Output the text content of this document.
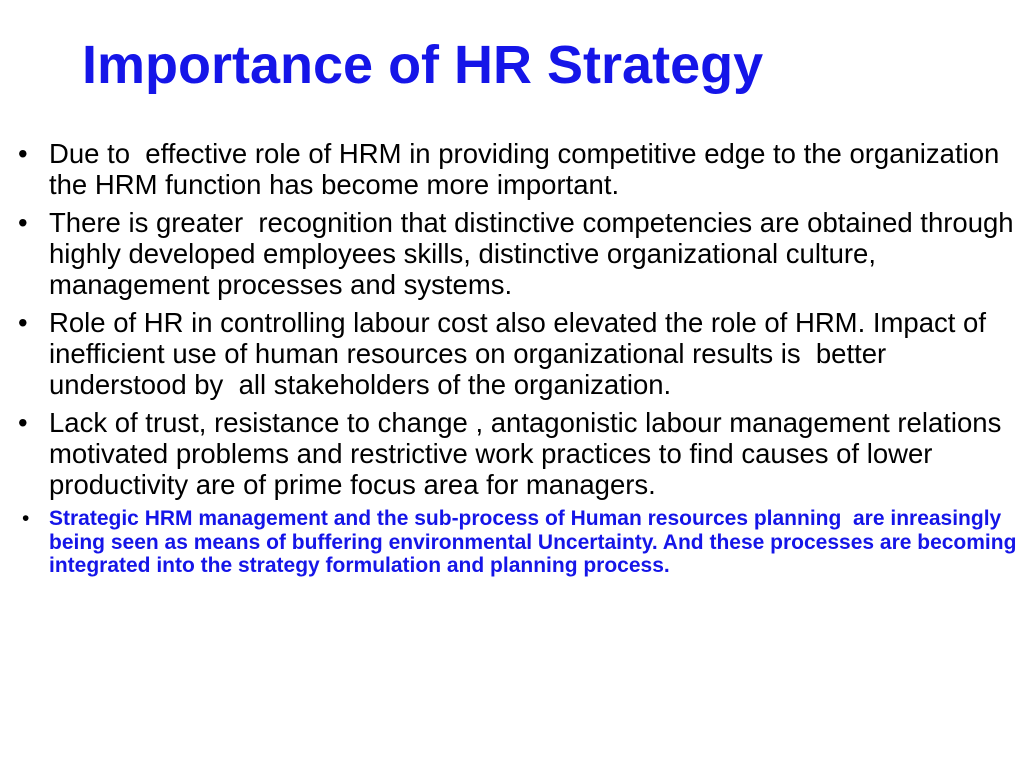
Importance of HR Strategy
• Due to  effective role of HRM in providing competitive edge to the organization the HRM function has become more important.
• There is greater  recognition that distinctive competencies are obtained through highly developed employees skills, distinctive organizational culture, management processes and systems.
• Role of HR in controlling labour cost also elevated the role of HRM. Impact of inefficient use of human resources on organizational results is  better understood by  all stakeholders of the organization.
• Lack of trust, resistance to change , antagonistic labour management relations motivated problems and restrictive work practices to find causes of lower productivity are of prime focus area for managers.
• Strategic HRM management and the sub-process of Human resources planning  are inreasingly being seen as means of buffering environmental Uncertainty. And these processes are becoming integrated into the strategy formulation and planning process.
